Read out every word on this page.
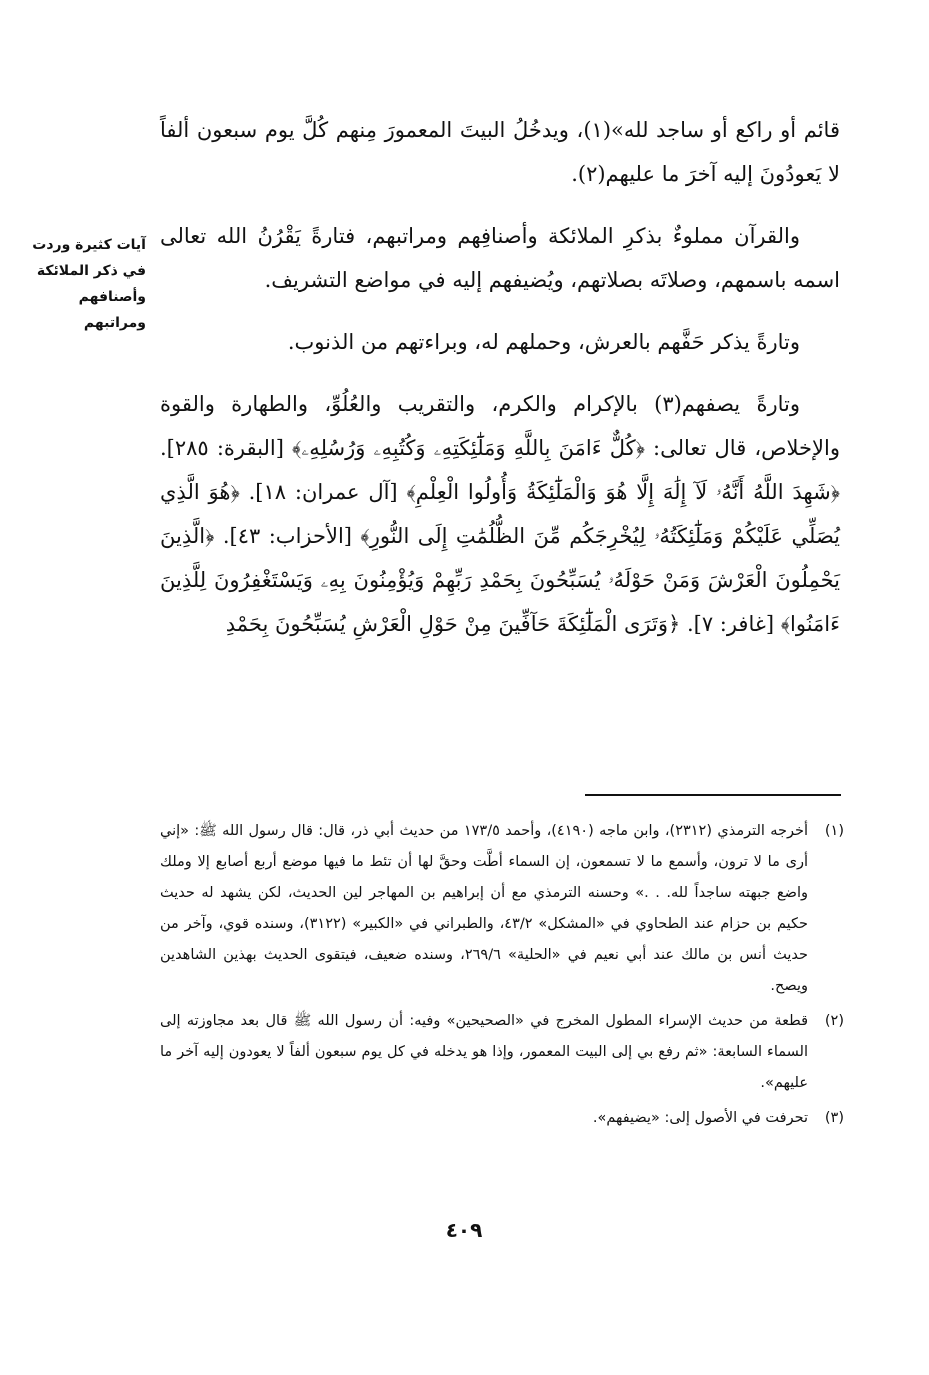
قائم أو راكع أو ساجد لله»(١)، ويدخُلُ البيتَ المعمورَ مِنهم كُلَّ يوم سبعون ألفاً لا يَعودُونَ إليه آخرَ ما عليهم(٢).

والقرآن مملوءٌ بذكرِ الملائكة وأصنافِهم ومراتبهم، فتارةً يَقْرُنُ الله تعالى اسمه باسمهم، وصلاتَه بصلاتهم، ويُضيفهم إليه في مواضع التشريف.

وتارةً يذكر حَفَّهم بالعرش، وحملهم له، وبراءتهم من الذنوب.

وتارةً يصفهم(٣) بالإكرام والكرم، والتقريب والعُلُوِّ، والطهارة والقوة والإخلاص، قال تعالى: ﴿كُلٌّ ءَامَنَ بِاللَّهِ وَمَلَٰٓئِكَتِهِۦ وَكُتُبِهِۦ وَرُسُلِهِۦ﴾ [البقرة: ٢٨٥]. ﴿شَهِدَ اللَّهُ أَنَّهُۥ لَآ إِلَٰهَ إِلَّا هُوَ وَالْمَلَٰٓئِكَةُ وَأُولُوا الْعِلْمِ﴾ [آل عمران: ١٨]. ﴿هُوَ الَّذِي يُصَلِّي عَلَيْكُمْ وَمَلَٰٓئِكَتُهُۥ لِيُخْرِجَكُم مِّنَ الظُّلُمَٰتِ إِلَى النُّورِ﴾ [الأحزاب: ٤٣]. ﴿الَّذِينَ يَحْمِلُونَ الْعَرْشَ وَمَنْ حَوْلَهُۥ يُسَبِّحُونَ بِحَمْدِ رَبِّهِمْ وَيُؤْمِنُونَ بِهِۦ وَيَسْتَغْفِرُونَ لِلَّذِينَ ءَامَنُوا﴾ [غافر: ٧]. ﴿وَتَرَى الْمَلَٰٓئِكَةَ حَآفِّينَ مِنْ حَوْلِ الْعَرْشِ يُسَبِّحُونَ بِحَمْدِ

آيات كثيرة وردت في ذكر الملائكة وأصنافهم ومراتبهم
(١)
أخرجه الترمذي (٢٣١٢)، وابن ماجه (٤١٩٠)، وأحمد ١٧٣/٥ من حديث أبي ذر، قال: قال رسول الله ﷺ: «إني أرى ما لا ترون، وأسمع ما لا تسمعون، إن السماء أطَّت وحقَّ لها أن تئط ما فيها موضع أربع أصابع إلا وملك واضع جبهته ساجداً لله. . .» وحسنه الترمذي مع أن إبراهيم بن المهاجر لين الحديث، لكن يشهد له حديث حكيم بن حزام عند الطحاوي في «المشكل» ٤٣/٢، والطبراني في «الكبير» (٣١٢٢)، وسنده قوي، وآخر من حديث أنس بن مالك عند أبي نعيم في «الحلية» ٢٦٩/٦، وسنده ضعيف، فيتقوى الحديث بهذين الشاهدين ويصح.
(٢)
قطعة من حديث الإسراء المطول المخرج في «الصحيحين» وفيه: أن رسول الله ﷺ قال بعد مجاوزته إلى السماء السابعة: «ثم رفع بي إلى البيت المعمور، وإذا هو يدخله في كل يوم سبعون ألفاً لا يعودون إليه آخر ما عليهم».
(٣)
تحرفت في الأصول إلى: «يضيفهم».
٤٠٩
